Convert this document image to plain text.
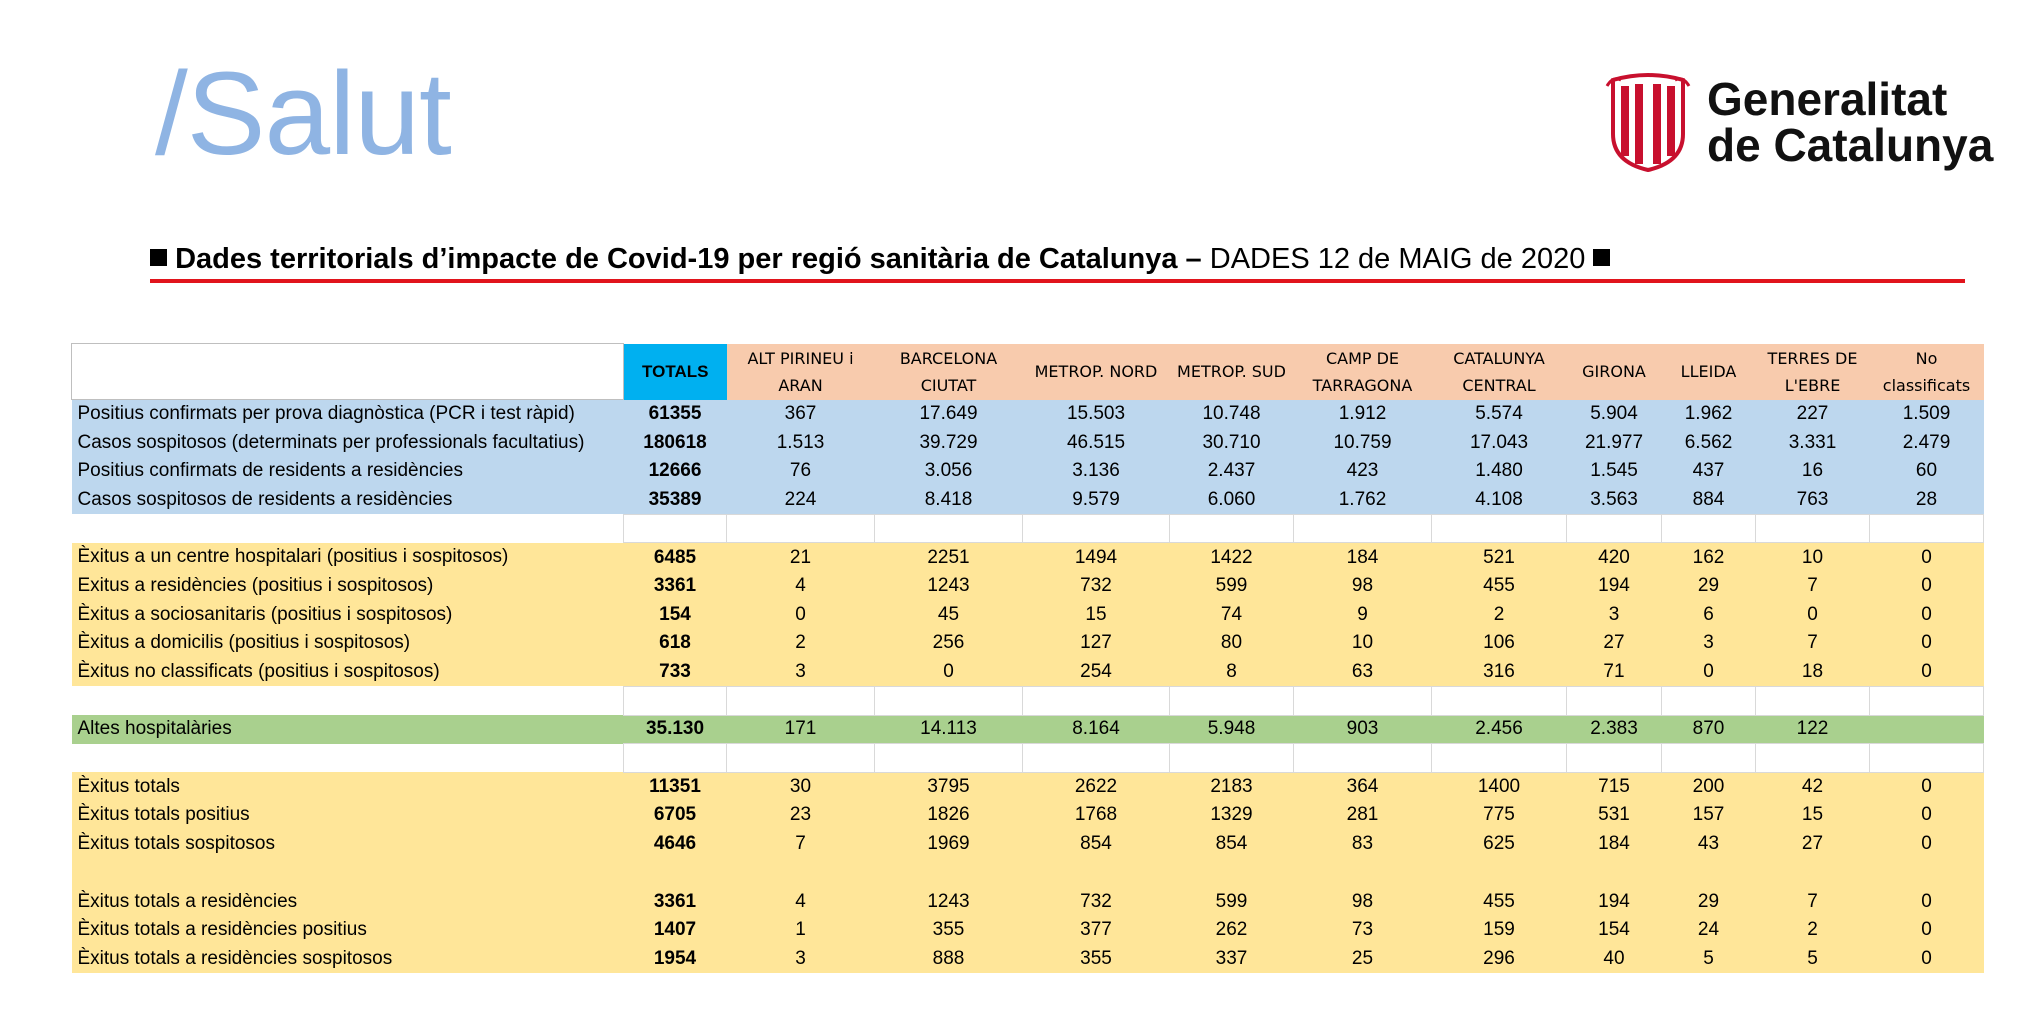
/Salut	Generalitat
de Catalunya
Dades territorials d’impacte de Covid-19 per regió sanitària de Catalunya – DADES 12 de MAIG de 2020
	TOTALS	ALT PIRINEU i ARAN	BARCELONA CIUTAT	METROP. NORD	METROP. SUD	CAMP DE TARRAGONA	CATALUNYA CENTRAL	GIRONA	LLEIDA	TERRES DE L'EBRE	No classificats
Positius confirmats per prova diagnòstica (PCR i test ràpid)	61355	367	17.649	15.503	10.748	1.912	5.574	5.904	1.962	227	1.509
Casos sospitosos (determinats per professionals facultatius)	180618	1.513	39.729	46.515	30.710	10.759	17.043	21.977	6.562	3.331	2.479
Positius confirmats de residents a residències	12666	76	3.056	3.136	2.437	423	1.480	1.545	437	16	60
Casos sospitosos de residents a residències	35389	224	8.418	9.579	6.060	1.762	4.108	3.563	884	763	28

Èxitus a un centre hospitalari (positius i sospitosos)	6485	21	2251	1494	1422	184	521	420	162	10	0
Exitus a residències (positius i sospitosos)	3361	4	1243	732	599	98	455	194	29	7	0
Èxitus a sociosanitaris (positius i sospitosos)	154	0	45	15	74	9	2	3	6	0	0
Èxitus a domicilis (positius i sospitosos)	618	2	256	127	80	10	106	27	3	7	0
Èxitus no classificats (positius i sospitosos)	733	3	0	254	8	63	316	71	0	18	0

Altes hospitalàries	35.130	171	14.113	8.164	5.948	903	2.456	2.383	870	122	

Èxitus totals	11351	30	3795	2622	2183	364	1400	715	200	42	0
Èxitus totals positius	6705	23	1826	1768	1329	281	775	531	157	15	0
Èxitus totals sospitosos	4646	7	1969	854	854	83	625	184	43	27	0

Èxitus totals a residències	3361	4	1243	732	599	98	455	194	29	7	0
Èxitus totals a residències positius	1407	1	355	377	262	73	159	154	24	2	0
Èxitus totals a residències sospitosos	1954	3	888	355	337	25	296	40	5	5	0
